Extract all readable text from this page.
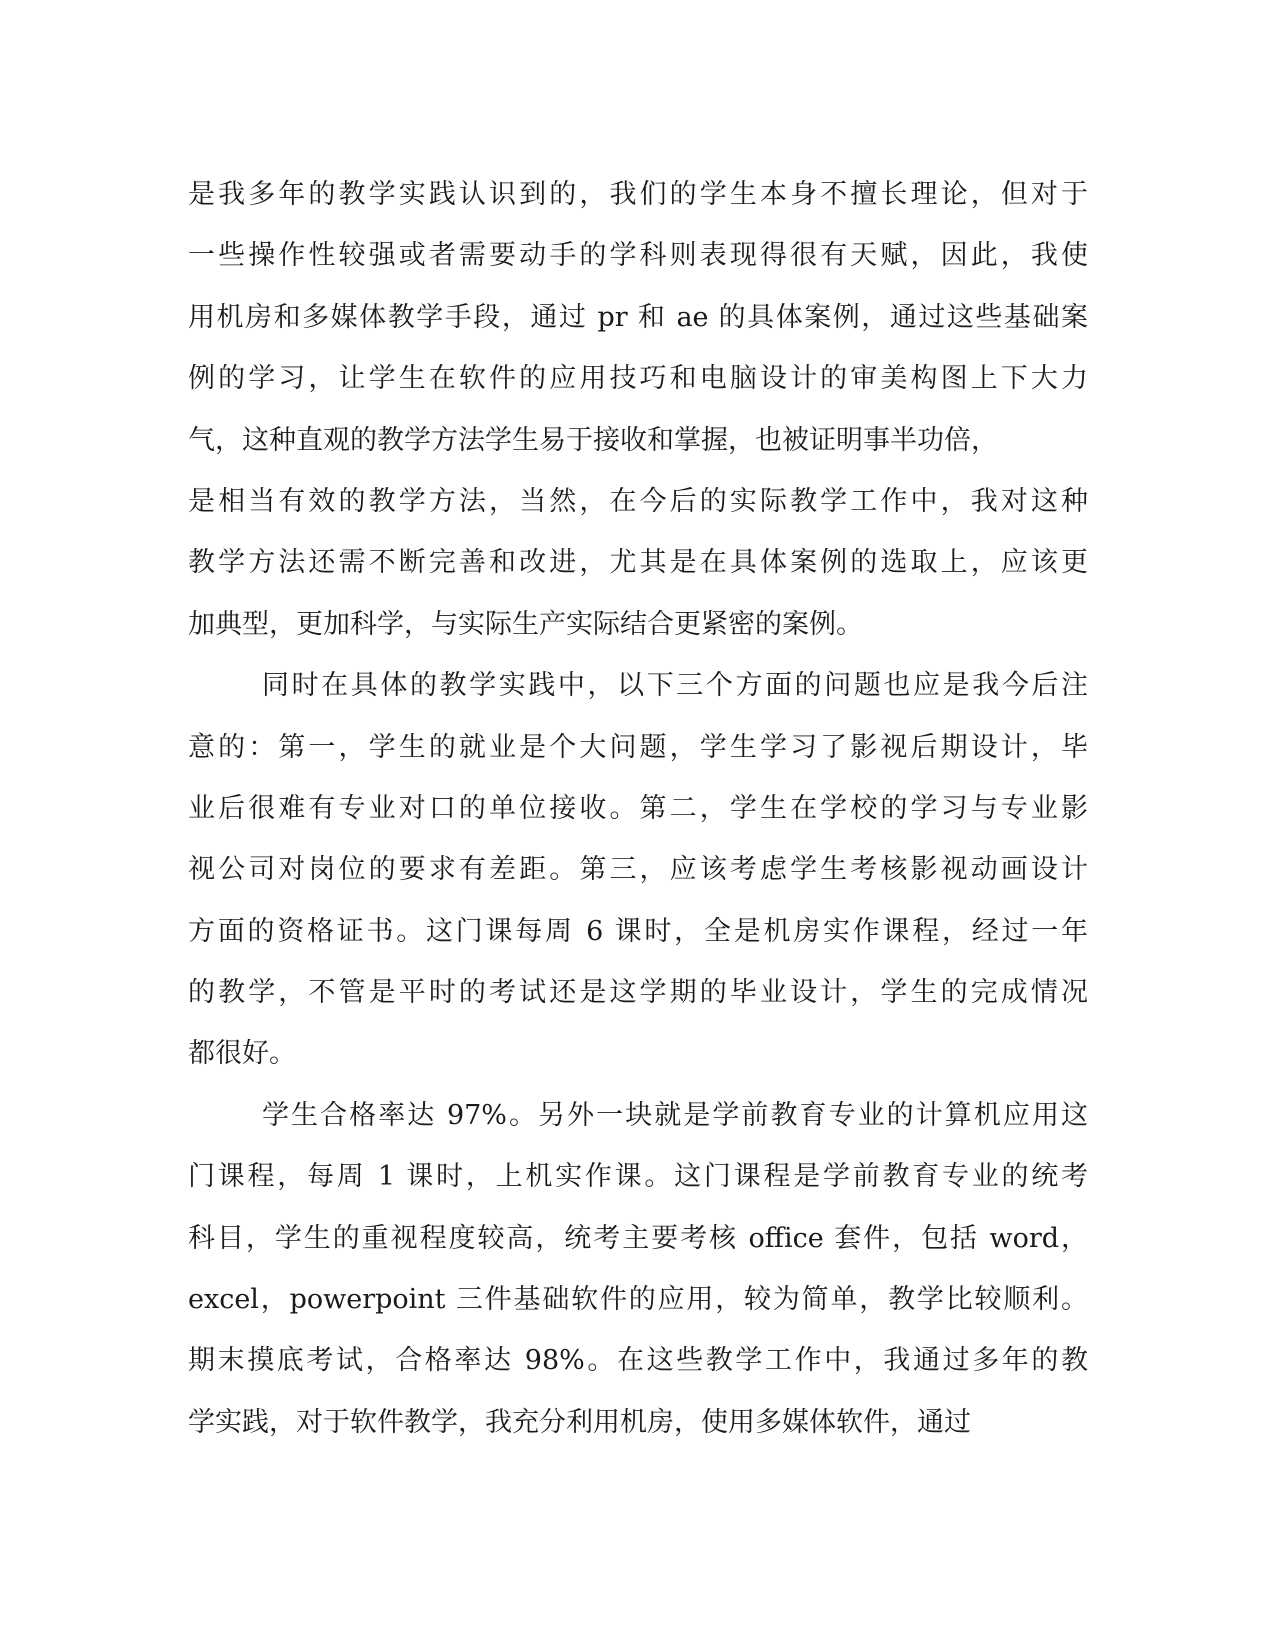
是我多年的教学实践认识到的，我们的学生本身不擅长理论，但对于
一些操作性较强或者需要动手的学科则表现得很有天赋，因此，我使
用机房和多媒体教学手段，通过 pr 和 ae 的具体案例，通过这些基础案
例的学习，让学生在软件的应用技巧和电脑设计的审美构图上下大力
气，这种直观的教学方法学生易于接收和掌握，也被证明事半功倍，
是相当有效的教学方法，当然，在今后的实际教学工作中，我对这种
教学方法还需不断完善和改进，尤其是在具体案例的选取上，应该更
加典型，更加科学，与实际生产实际结合更紧密的案例。
同时在具体的教学实践中，以下三个方面的问题也应是我今后注
意的：第一，学生的就业是个大问题，学生学习了影视后期设计，毕
业后很难有专业对口的单位接收。第二，学生在学校的学习与专业影
视公司对岗位的要求有差距。第三，应该考虑学生考核影视动画设计
方面的资格证书。这门课每周 6 课时，全是机房实作课程，经过一年
的教学，不管是平时的考试还是这学期的毕业设计，学生的完成情况
都很好。
学生合格率达 97%。另外一块就是学前教育专业的计算机应用这
门课程，每周 1 课时，上机实作课。这门课程是学前教育专业的统考
科目，学生的重视程度较高，统考主要考核 office 套件，包括 word，
excel，powerpoint 三件基础软件的应用，较为简单，教学比较顺利。
期末摸底考试，合格率达 98%。在这些教学工作中，我通过多年的教
学实践，对于软件教学，我充分利用机房，使用多媒体软件，通过
